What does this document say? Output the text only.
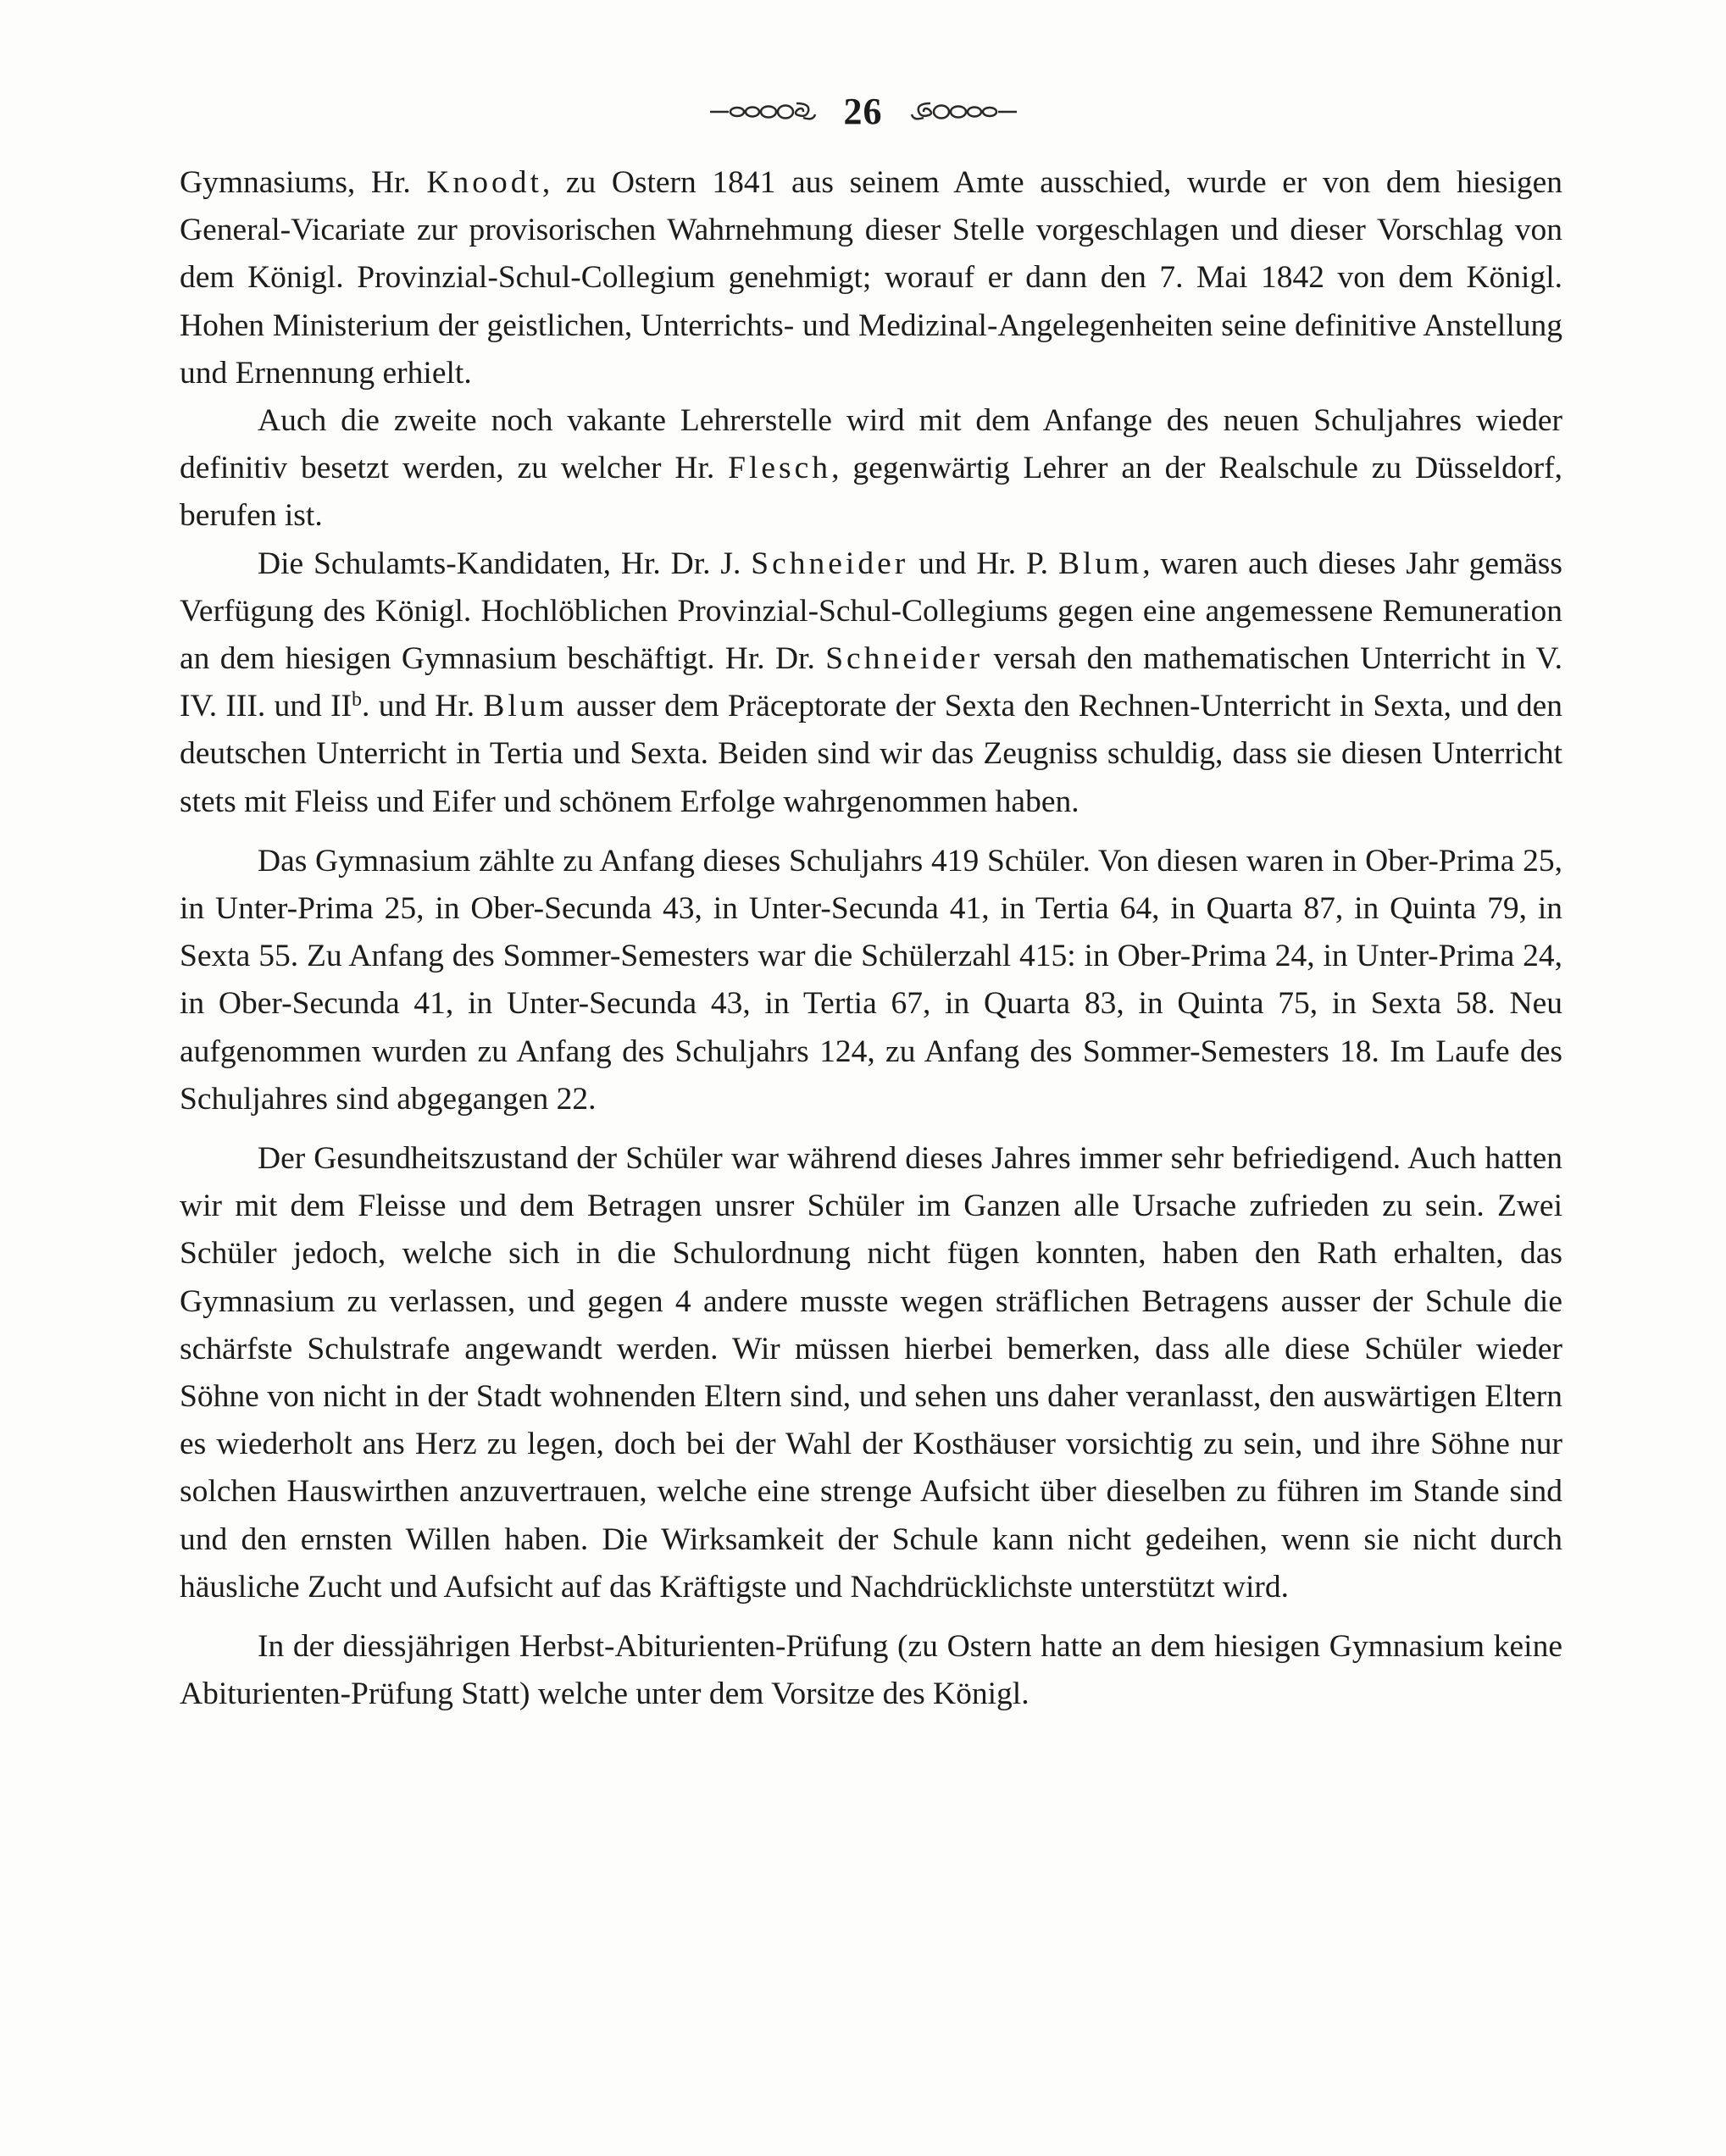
26

Gymnasiums, Hr. Knoodt, zu Ostern 1841 aus seinem Amte ausschied, wurde er von dem hiesigen General-Vicariate zur provisorischen Wahrnehmung dieser Stelle vorgeschlagen und dieser Vorschlag von dem Königl. Provinzial-Schul-Collegium genehmigt; worauf er dann den 7. Mai 1842 von dem Königl. Hohen Ministerium der geistlichen, Unterrichts- und Medizinal-Angelegenheiten seine definitive Anstellung und Ernennung erhielt.

Auch die zweite noch vakante Lehrerstelle wird mit dem Anfange des neuen Schuljahres wieder definitiv besetzt werden, zu welcher Hr. Flesch, gegenwärtig Lehrer an der Realschule zu Düsseldorf, berufen ist.

Die Schulamts-Kandidaten, Hr. Dr. J. Schneider und Hr. P. Blum, waren auch dieses Jahr gemäss Verfügung des Königl. Hochlöblichen Provinzial-Schul-Collegiums gegen eine angemessene Remuneration an dem hiesigen Gymnasium beschäftigt. Hr. Dr. Schneider versah den mathematischen Unterricht in V. IV. III. und $II^b$. und Hr. Blum ausser dem Präceptorate der Sexta den Rechnen-Unterricht in Sexta, und den deutschen Unterricht in Tertia und Sexta. Beiden sind wir das Zeugniss schuldig, dass sie diesen Unterricht stets mit Fleiss und Eifer und schönem Erfolge wahrgenommen haben.

Das Gymnasium zählte zu Anfang dieses Schuljahrs 419 Schüler. Von diesen waren in Ober-Prima 25, in Unter-Prima 25, in Ober-Secunda 43, in Unter-Secunda 41, in Tertia 64, in Quarta 87, in Quinta 79, in Sexta 55. Zu Anfang des Sommer-Semesters war die Schülerzahl 415: in Ober-Prima 24, in Unter-Prima 24, in Ober-Secunda 41, in Unter-Secunda 43, in Tertia 67, in Quarta 83, in Quinta 75, in Sexta 58. Neu aufgenommen wurden zu Anfang des Schuljahrs 124, zu Anfang des Sommer-Semesters 18. Im Laufe des Schuljahres sind abgegangen 22.

Der Gesundheitszustand der Schüler war während dieses Jahres immer sehr befriedigend. Auch hatten wir mit dem Fleisse und dem Betragen unsrer Schüler im Ganzen alle Ursache zufrieden zu sein. Zwei Schüler jedoch, welche sich in die Schulordnung nicht fügen konnten, haben den Rath erhalten, das Gymnasium zu verlassen, und gegen 4 andere musste wegen sträflichen Betragens ausser der Schule die schärfste Schulstrafe angewandt werden. Wir müssen hierbei bemerken, dass alle diese Schüler wieder Söhne von nicht in der Stadt wohnenden Eltern sind, und sehen uns daher veranlasst, den auswärtigen Eltern es wiederholt ans Herz zu legen, doch bei der Wahl der Kosthäuser vorsichtig zu sein, und ihre Söhne nur solchen Hauswirthen anzuvertrauen, welche eine strenge Aufsicht über dieselben zu führen im Stande sind und den ernsten Willen haben. Die Wirksamkeit der Schule kann nicht gedeihen, wenn sie nicht durch häusliche Zucht und Aufsicht auf das Kräftigste und Nachdrücklichste unterstützt wird.

In der diessjährigen Herbst-Abiturienten-Prüfung (zu Ostern hatte an dem hiesigen Gymnasium keine Abiturienten-Prüfung Statt) welche unter dem Vorsitze des Königl.
